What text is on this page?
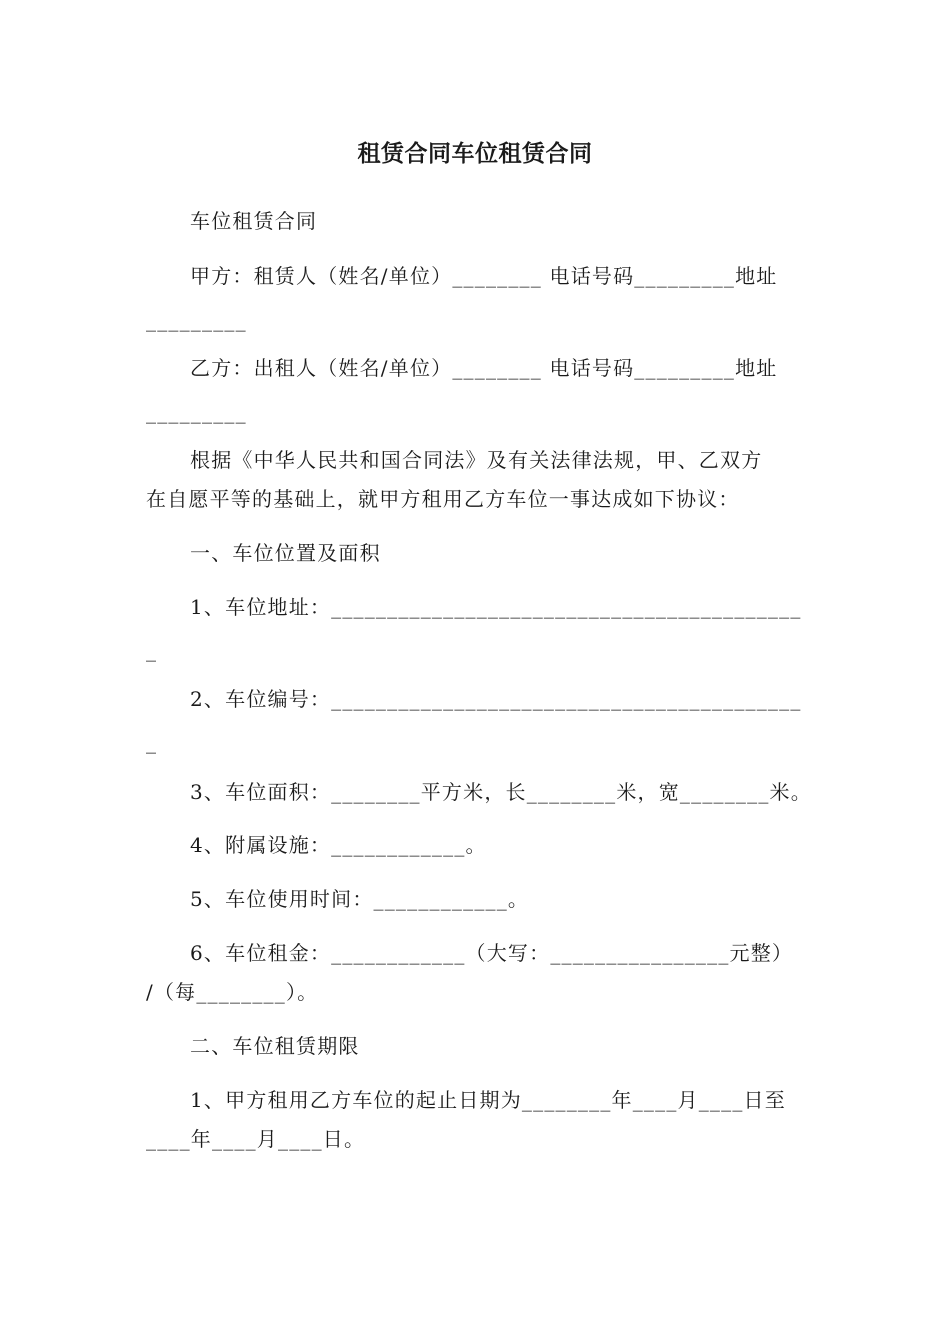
租赁合同车位租赁合同
车位租赁合同
甲方：租赁人（姓名/单位）________ 电话号码_________地址
_________
乙方：出租人（姓名/单位）________ 电话号码_________地址
_________
根据《中华人民共和国合同法》及有关法律法规，甲、乙双方
在自愿平等的基础上，就甲方租用乙方车位一事达成如下协议：
一、车位位置及面积
1、车位地址：__________________________________________
_
2、车位编号：__________________________________________
_
3、车位面积：________平方米，长________米，宽________米。
4、附属设施：____________。
5、车位使用时间：____________。
6、车位租金：____________（大写：________________元整）
/（每________）。
二、车位租赁期限
1、甲方租用乙方车位的起止日期为________年____月____日至
____年____月____日。
